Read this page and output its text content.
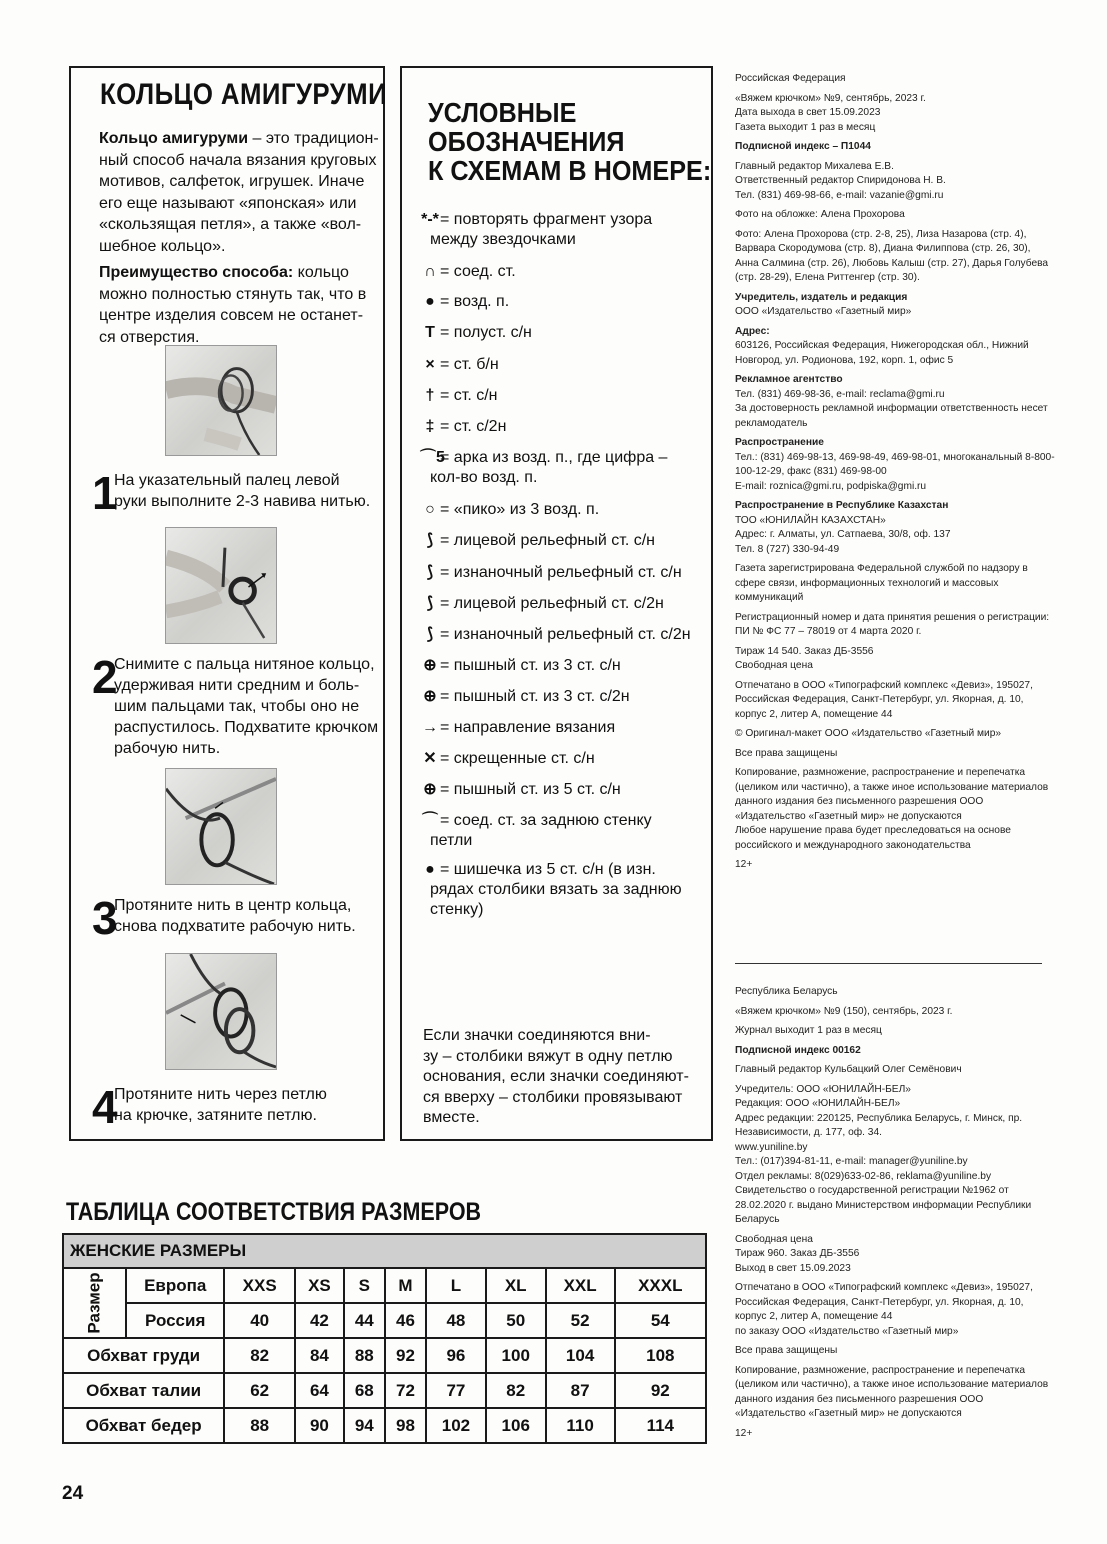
КОЛЬЦО АМИГУРУМИ
Кольцо амигуруми – это традицион-
ный способ начала вязания круговых
мотивов, салфеток, игрушек. Иначе
его еще называют «японская» или
«скользящая петля», а также «вол-
шебное кольцо».
Преимущество способа: кольцо
можно полностью стянуть так, что в
центре изделия совсем не останет-
ся отверстия.
1
На указательный палец левой
руки выполните 2-3 навива нитью.
2
Снимите с пальца нитяное кольцо,
удерживая нити средним и боль-
шим пальцами так, чтобы оно не
распустилось. Подхватите крючком
рабочую нить.
3
Протяните нить в центр кольца,
снова подхватите рабочую нить.
4
Протяните нить через петлю
на крючке, затяните петлю.
УСЛОВНЫЕ
ОБОЗНАЧЕНИЯ
К СХЕМАМ В НОМЕРЕ:
*-*= повторять фрагмент узора
между звездочками
∩ = соед. ст.
● = возд. п.
T = полуст. с/н
× = ст. б/н
† = ст. с/н
‡ = ст. с/2н
⌒5= арка из возд. п., где цифра –
кол-во возд. п.
○ = «пико» из 3 возд. п.
⟆ = лицевой рельефный ст. с/н
⟆ = изнаночный рельефный ст. с/н
⟆ = лицевой рельефный ст. с/2н
⟆ = изнаночный рельефный ст. с/2н
⊕ = пышный ст. из 3 ст. с/н
⊕ = пышный ст. из 3 ст. с/2н
→ = направление вязания
✕ = скрещенные ст. с/н
⊕ = пышный ст. из 5 ст. с/н
⌒ = соед. ст. за заднюю стенку
петли
● = шишечка из 5 ст. с/н (в изн.
рядах столбики вязать за заднюю
стенку)
Если значки соединяются вни-
зу – столбики вяжут в одну петлю
основания, если значки соединяют-
ся вверху – столбики провязывают
вместе.
Российская Федерация
«Вяжем крючком» №9, сентябрь, 2023 г.
Дата выхода в свет 15.09.2023
Газета выходит 1 раз в месяц
Подписной индекс – П1044
Главный редактор Михалева Е.В.
Ответственный редактор Спиридонова Н. В.
Тел. (831) 469-98-66, e-mail: vazanie@gmi.ru
Фото на обложке: Алена Прохорова
Фото: Алена Прохорова (стр. 2-8, 25), Лиза Назарова (стр. 4), Варвара Скородумова (стр. 8), Диана Филиппова (стр. 26, 30), Анна Салмина (стр. 26), Любовь Калыш (стр. 27), Дарья Голубева (стр. 28-29), Елена Риттенгер (стр. 30).
Учредитель, издатель и редакция
ООО «Издательство «Газетный мир»
Адрес:
603126, Российская Федерация, Нижегородская обл., Нижний Новгород, ул. Родионова, 192, корп. 1, офис 5
Рекламное агентство
Тел. (831) 469-98-36, e-mail: reclama@gmi.ru
За достоверность рекламной информации ответственность несет рекламодатель
Распространение
Тел.: (831) 469-98-13, 469-98-49, 469-98-01, многоканальный 8-800-100-12-29, факс (831) 469-98-00
E-mail: roznica@gmi.ru, podpiska@gmi.ru
Распространение в Республике Казахстан
ТОО «ЮНИЛАЙН КАЗАХСТАН»
Адрес: г. Алматы, ул. Сатпаева, 30/8, оф. 137
Тел. 8 (727) 330-94-49
Газета зарегистрирована Федеральной службой по надзору в сфере связи, информационных технологий и массовых коммуникаций
Регистрационный номер и дата принятия решения о регистрации: ПИ № ФС 77 – 78019 от 4 марта 2020 г.
Тираж 14 540. Заказ ДБ-3556
Свободная цена
Отпечатано в ООО «Типографский комплекс «Девиз», 195027, Российская Федерация, Санкт-Петербург, ул. Якорная, д. 10, корпус 2, литер А, помещение 44
© Оригинал-макет ООО «Издательство «Газетный мир»
Все права защищены
Копирование, размножение, распространение и перепечатка (целиком или частично), а также иное использование материалов данного издания без письменного разрешения ООО «Издательство «Газетный мир» не допускаются
Любое нарушение права будет преследоваться на основе российского и международного законодательства
12+
Республика Беларусь
«Вяжем крючком» №9 (150), сентябрь, 2023 г.
Журнал выходит 1 раз в месяц
Подписной индекс 00162
Главный редактор Кульбацкий Олег Семёнович
Учредитель: ООО «ЮНИЛАЙН-БЕЛ»
Редакция: ООО «ЮНИЛАЙН-БЕЛ»
Адрес редакции: 220125, Республика Беларусь, г. Минск, пр. Независимости, д. 177, оф. 34.
www.yuniline.by
Тел.: (017)394-81-11, e-mail: manager@yuniline.by
Отдел рекламы: 8(029)633-02-86, reklama@yuniline.by
Свидетельство о государственной регистрации №1962 от 28.02.2020 г. выдано Министерством информации Республики Беларусь
Свободная цена
Тираж 960. Заказ ДБ-3556
Выход в свет 15.09.2023
Отпечатано в ООО «Типографский комплекс «Девиз», 195027, Российская Федерация, Санкт-Петербург, ул. Якорная, д. 10, корпус 2, литер А, помещение 44
по заказу ООО «Издательство «Газетный мир»
Все права защищены
Копирование, размножение, распространение и перепечатка (целиком или частично), а также иное использование материалов данного издания без письменного разрешения ООО «Издательство «Газетный мир» не допускаются
12+
ТАБЛИЦА СООТВЕТСТВИЯ РАЗМЕРОВ
ЖЕНСКИЕ РАЗМЕРЫ									
Размер	Европа	XXS	XS	S	M	L	XL	XXL	XXXL
	Россия	40	42	44	46	48	50	52	54
Обхват груди		82	84	88	92	96	100	104	108
Обхват талии		62	64	68	72	77	82	87	92
Обхват бедер		88	90	94	98	102	106	110	114
24
